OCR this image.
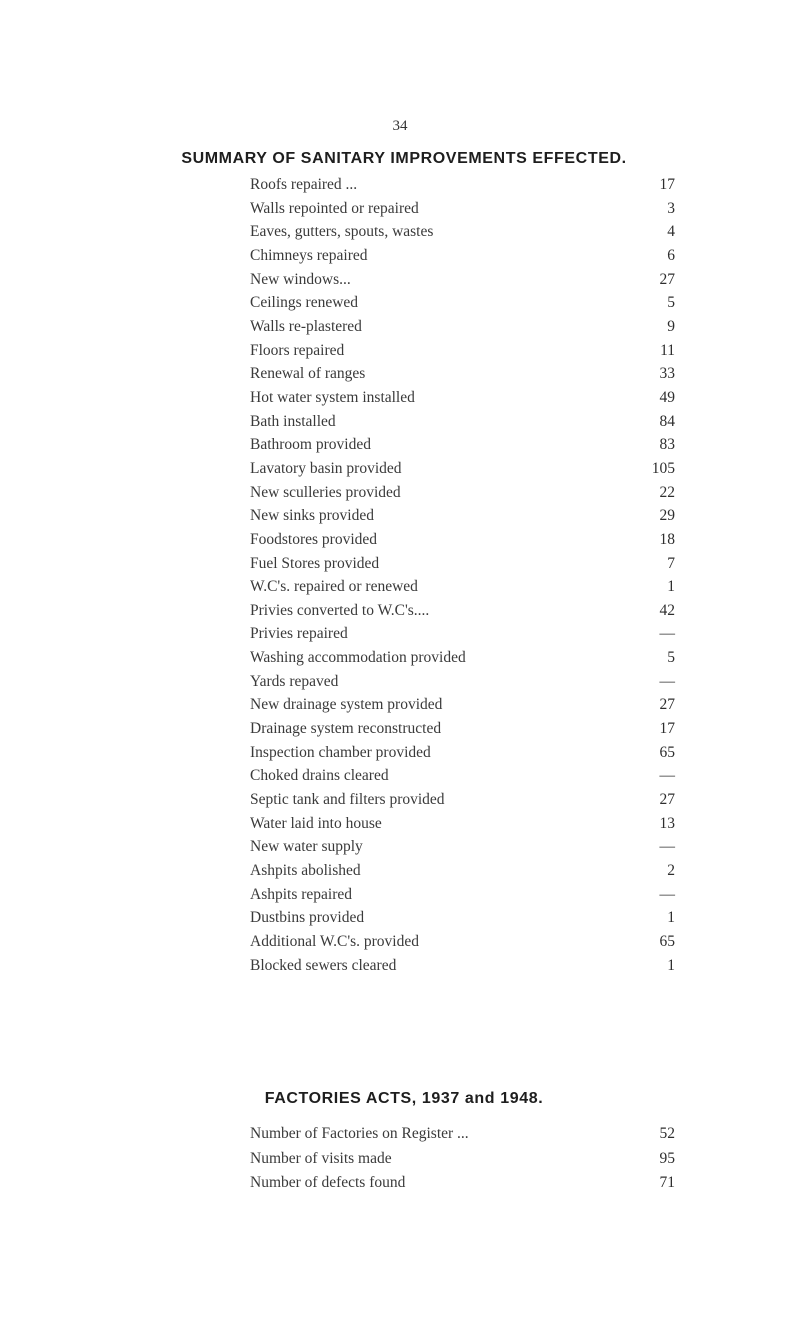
34
SUMMARY OF SANITARY IMPROVEMENTS EFFECTED.
Roofs repaired ...	17
Walls repointed or repaired	3
Eaves, gutters, spouts, wastes	4
Chimneys repaired	6
New windows...	27
Ceilings renewed	5
Walls re-plastered	9
Floors repaired	11
Renewal of ranges	33
Hot water system installed	49
Bath installed	84
Bathroom provided	83
Lavatory basin provided	105
New sculleries provided	22
New sinks provided	29
Foodstores provided	18
Fuel Stores provided	7
W.C's. repaired or renewed	1
Privies converted to W.C's....	42
Privies repaired	—
Washing accommodation provided	5
Yards repaved	—
New drainage system provided	27
Drainage system reconstructed	17
Inspection chamber provided	65
Choked drains cleared	—
Septic tank and filters provided	27
Water laid into house	13
New water supply	—
Ashpits abolished	2
Ashpits repaired	—
Dustbins provided	1
Additional W.C's. provided	65
Blocked sewers cleared	1
FACTORIES ACTS, 1937 and 1948.
Number of Factories on Register ...	52
Number of visits made	95
Number of defects found	71
